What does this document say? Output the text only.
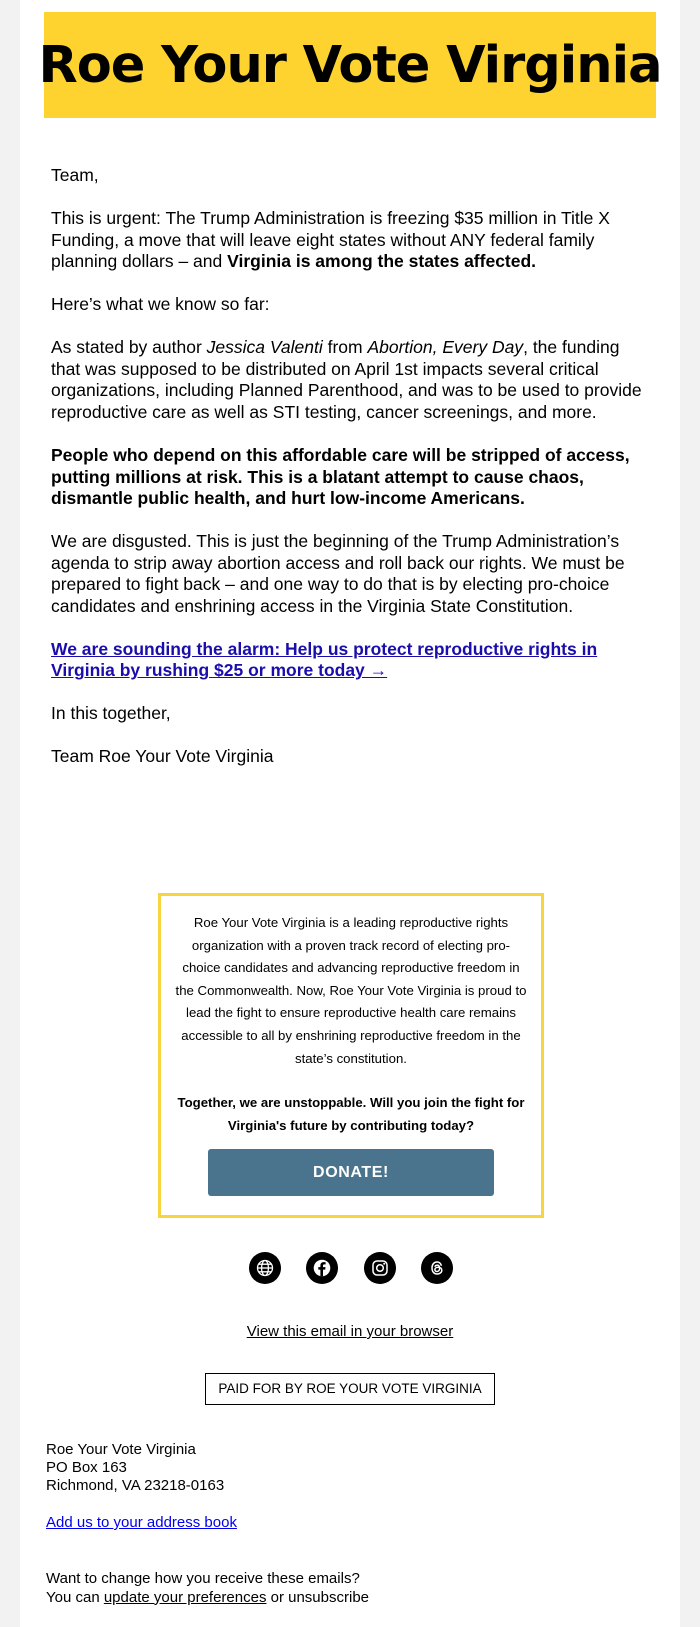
Roe Your Vote Virginia

Team,

This is urgent: The Trump Administration is freezing $35 million in Title X Funding, a move that will leave eight states without ANY federal family planning dollars – and Virginia is among the states affected.

Here’s what we know so far:

As stated by author Jessica Valenti from Abortion, Every Day, the funding that was supposed to be distributed on April 1st impacts several critical organizations, including Planned Parenthood, and was to be used to provide reproductive care as well as STI testing, cancer screenings, and more.

People who depend on this affordable care will be stripped of access, putting millions at risk. This is a blatant attempt to cause chaos, dismantle public health, and hurt low-income Americans.

We are disgusted. This is just the beginning of the Trump Administration’s agenda to strip away abortion access and roll back our rights. We must be prepared to fight back – and one way to do that is by electing pro-choice candidates and enshrining access in the Virginia State Constitution.

We are sounding the alarm: Help us protect reproductive rights in Virginia by rushing $25 or more today →

In this together,

Team Roe Your Vote Virginia

Roe Your Vote Virginia is a leading reproductive rights organization with a proven track record of electing pro-choice candidates and advancing reproductive freedom in the Commonwealth. Now, Roe Your Vote Virginia is proud to lead the fight to ensure reproductive health care remains accessible to all by enshrining reproductive freedom in the state’s constitution.
Together, we are unstoppable. Will you join the fight for Virginia's future by contributing today?
DONATE!
View this email in your browser
PAID FOR BY ROE YOUR VOTE VIRGINIA
Roe Your Vote Virginia
PO Box 163
Richmond, VA 23218-0163
Add us to your address book
Want to change how you receive these emails?
You can update your preferences or unsubscribe
